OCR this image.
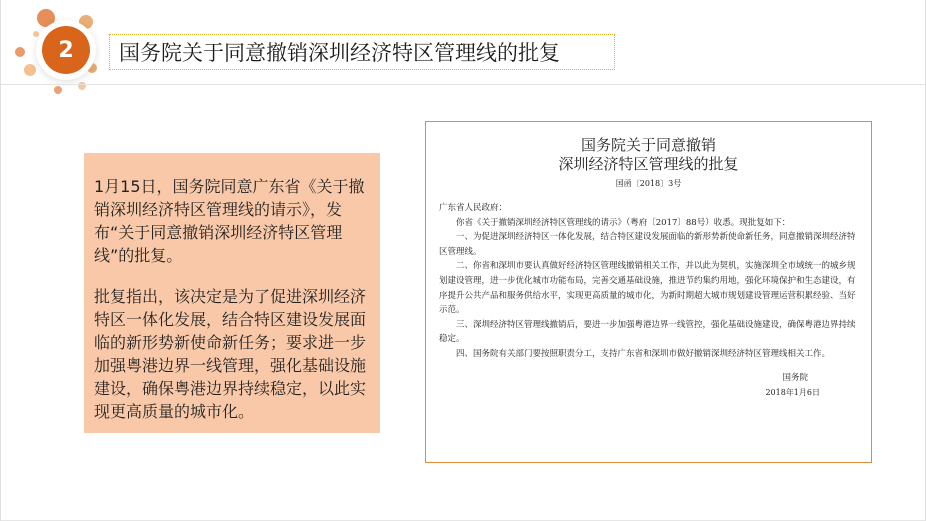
2 国务院关于同意撤销深圳经济特区管理线的批复

1月15日，国务院同意广东省《关于撤销深圳经济特区管理线的请示》，发布“关于同意撤销深圳经济特区管理线”的批复。

批复指出，该决定是为了促进深圳经济特区一体化发展，结合特区建设发展面临的新形势新使命新任务；要求进一步加强粤港边界一线管理，强化基础设施建设，确保粤港边界持续稳定，以此实现更高质量的城市化。

国务院关于同意撤销
深圳经济特区管理线的批复
国函〔2018〕3号

广东省人民政府：

你省《关于撤销深圳经济特区管理线的请示》（粤府〔2017〕88号）收悉。现批复如下：

一、为促进深圳经济特区一体化发展，结合特区建设发展面临的新形势新使命新任务，同意撤销深圳经济特区管理线。

二、你省和深圳市要认真做好经济特区管理线撤销相关工作，并以此为契机，实施深圳全市域统一的城乡规划建设管理，进一步优化城市功能布局，完善交通基础设施，推进节约集约用地，强化环境保护和生态建设，有序提升公共产品和服务供给水平，实现更高质量的城市化，为新时期超大城市规划建设管理运营积累经验、当好示范。

三、深圳经济特区管理线撤销后，要进一步加强粤港边界一线管控，强化基础设施建设，确保粤港边界持续稳定。

四、国务院有关部门要按照职责分工，支持广东省和深圳市做好撤销深圳经济特区管理线相关工作。

国务院
2018年1月6日
